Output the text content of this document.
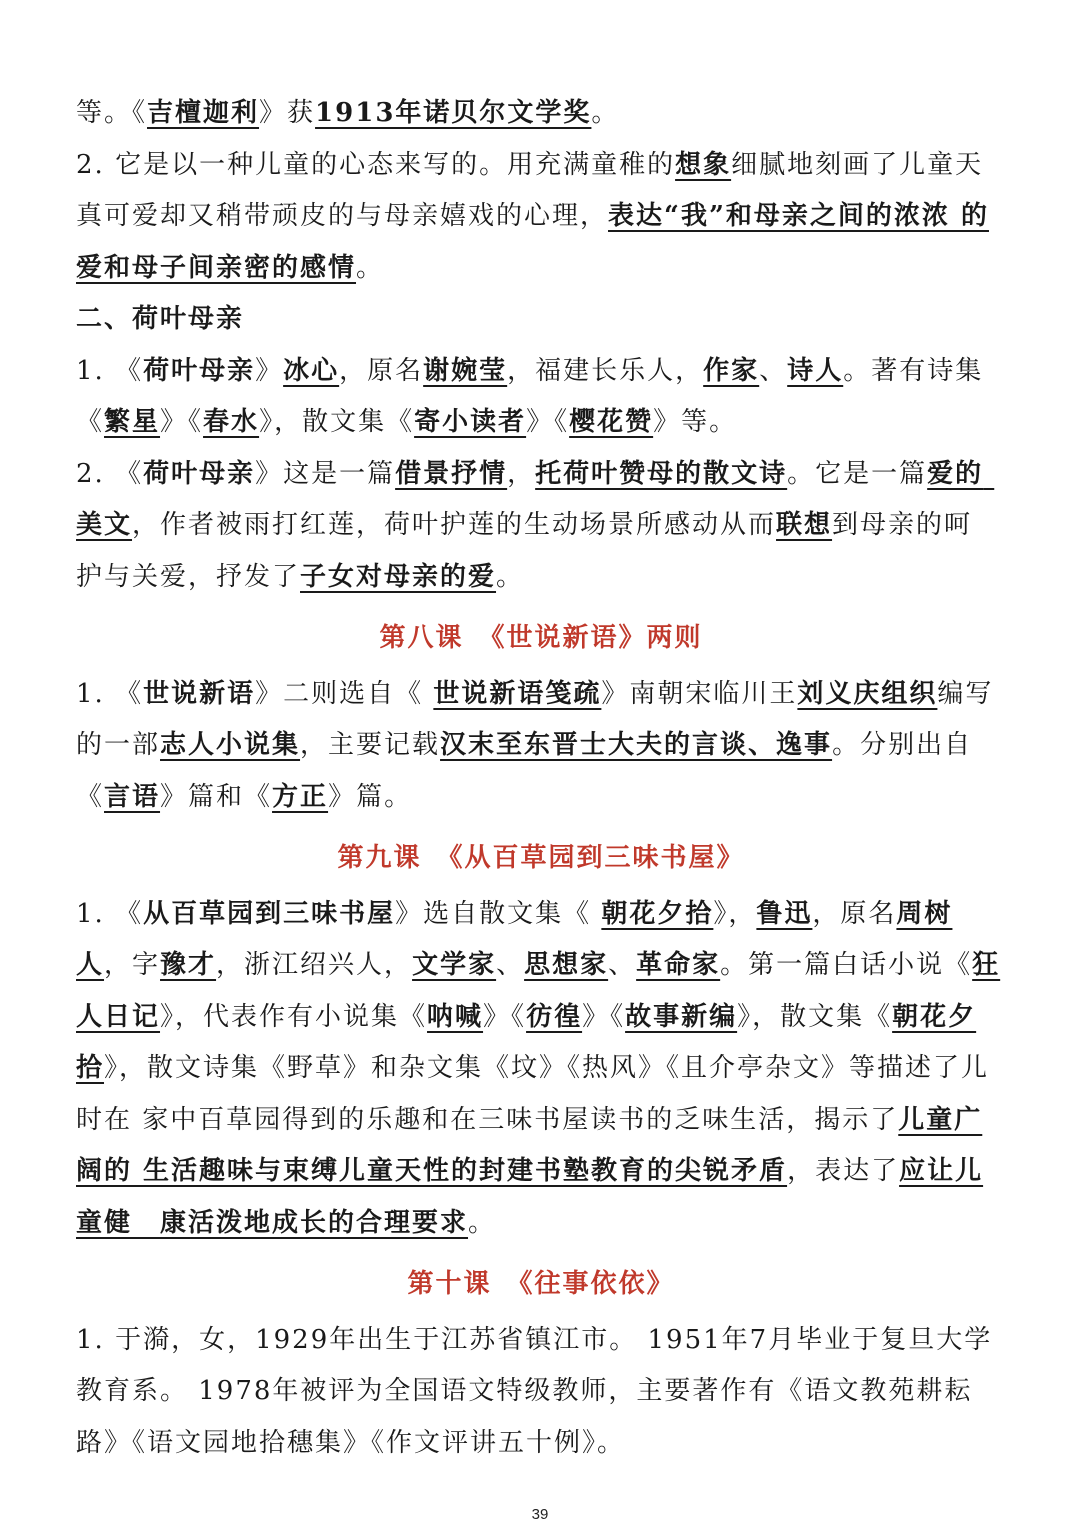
等。《吉檀迦利》获1913年诺贝尔文学奖。

2. 它是以一种儿童的心态来写的。用充满童稚的想象细腻地刻画了儿童天 真可爱却又稍带顽皮的与母亲嬉戏的心理，表达“我”和母亲之间的浓浓 的爱和母子间亲密的感情。

二、荷叶母亲

1. 《荷叶母亲》冰心，原名谢婉莹，福建长乐人，作家、诗人。著有诗集 《繁星》《春水》，散文集《寄小读者》《樱花赞》等。

2. 《荷叶母亲》这是一篇借景抒情，托荷叶赞母的散文诗。它是一篇爱的 美文，作者被雨打红莲，荷叶护莲的生动场景所感动从而联想到母亲的呵 护与关爱，抒发了子女对母亲的爱。

第八课　《世说新语》两则

1. 《世说新语》二则选自《 世说新语笺疏》南朝宋临川王刘义庆组织编写 的一部志人小说集，主要记载汉末至东晋士大夫的言谈、逸事。分别出自 《言语》篇和《方正》篇。

第九课　《从百草园到三味书屋》

1. 《从百草园到三味书屋》选自散文集《 朝花夕拾》，鲁迅，原名周树人，字豫才，浙江绍兴人，文学家、思想家、革命家。第一篇白话小说《狂人日记》，代表作有小说集《呐喊》《彷徨》《故事新编》，散文集《朝花夕拾》，散文诗集《野草》和杂文集《坟》《热风》《且介亭杂文》等描述了儿时在 家中百草园得到的乐趣和在三味书屋读书的乏味生活，揭示了儿童广阔的 生活趣味与束缚儿童天性的封建书塾教育的尖锐矛盾，表达了应让儿童健　康活泼地成长的合理要求。

第十课　《往事依依》

1. 于漪，女，1929年出生于江苏省镇江市。 1951年7月毕业于复旦大学教育系。 1978年被评为全国语文特级教师，主要著作有《语文教苑耕耘路》《语文园地拾穗集》《作文评讲五十例》。

39
